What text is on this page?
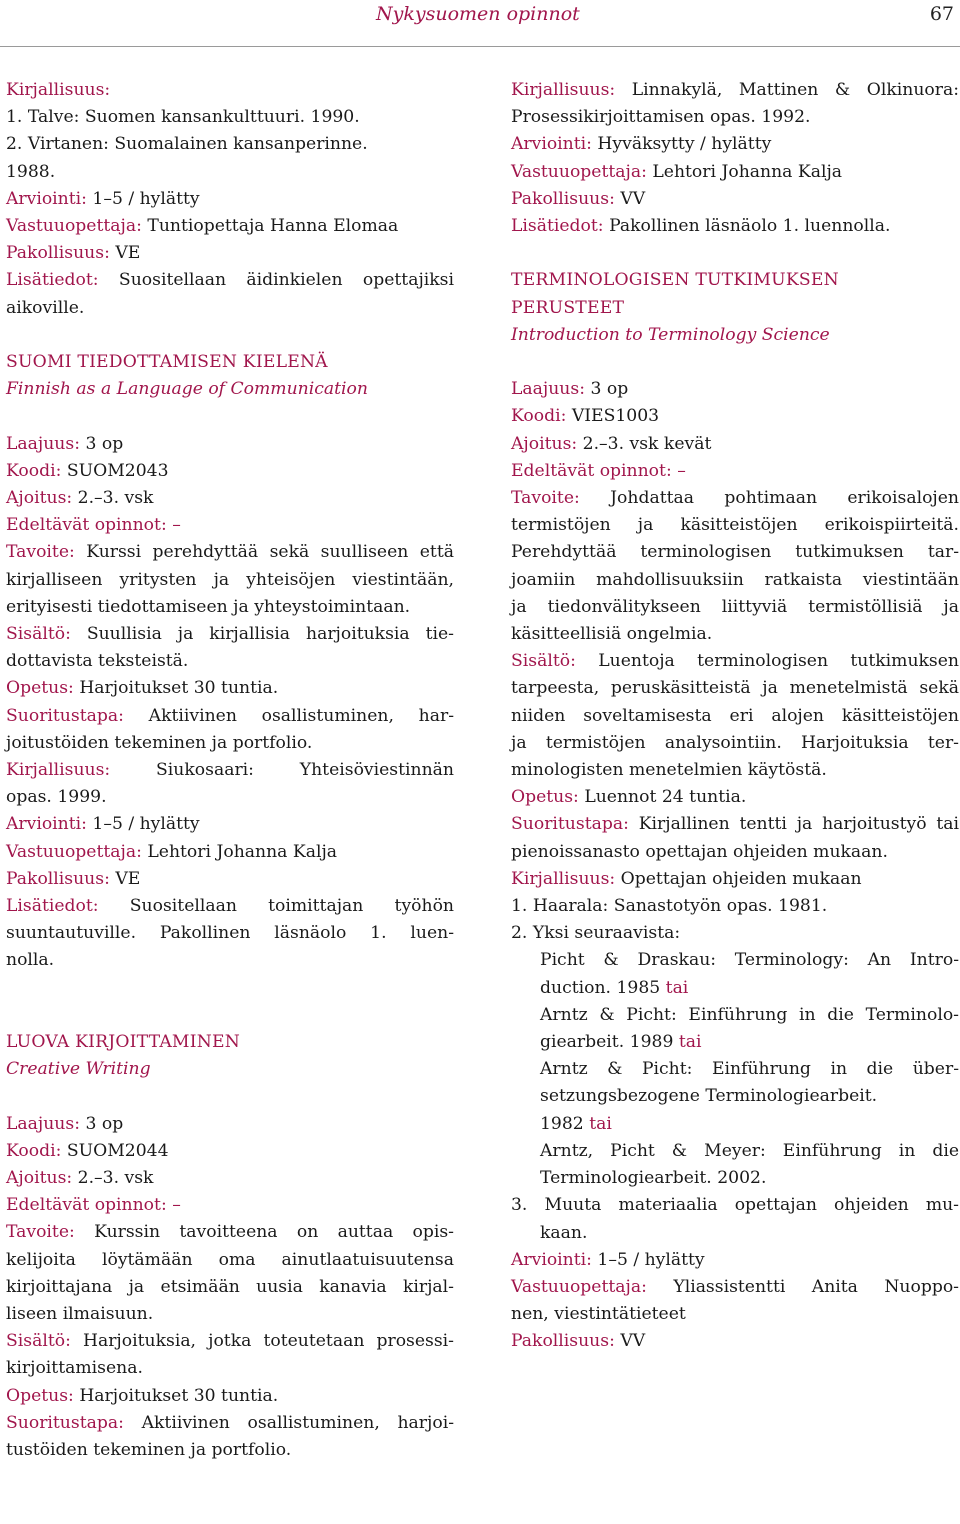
Nykysuomen opinnot	67
Kirjallisuus:
1. Talve: Suomen kansankulttuuri. 1990.
2. Virtanen: Suomalainen kansanperinne.
1988.
Arviointi: 1–5 / hylätty
Vastuuopettaja: Tuntiopettaja Hanna Elomaa
Pakollisuus: VE
Lisätiedot: Suositellaan äidinkielen opettajiksi
aikoville.
SUOMI TIEDOTTAMISEN KIELENÄ
Finnish as a Language of Communication
Laajuus: 3 op
Koodi: SUOM2043
Ajoitus: 2.–3. vsk
Edeltävät opinnot: –
Tavoite: Kurssi perehdyttää sekä suulliseen että
kirjalliseen yritysten ja yhteisöjen viestintään,
erityisesti tiedottamiseen ja yhteystoimintaan.
Sisältö: Suullisia ja kirjallisia harjoituksia tie-
dottavista teksteistä.
Opetus: Harjoitukset 30 tuntia.
Suoritustapa: Aktiivinen osallistuminen, har-
joitustöiden tekeminen ja portfolio.
Kirjallisuus: Siukosaari: Yhteisöviestinnän
opas. 1999.
Arviointi: 1–5 / hylätty
Vastuuopettaja: Lehtori Johanna Kalja
Pakollisuus: VE
Lisätiedot: Suositellaan toimittajan työhön
suuntautuville. Pakollinen läsnäolo 1. luen-
nolla.
LUOVA KIRJOITTAMINEN
Creative Writing
Laajuus: 3 op
Koodi: SUOM2044
Ajoitus: 2.–3. vsk
Edeltävät opinnot: –
Tavoite: Kurssin tavoitteena on auttaa opis-
kelijoita löytämään oma ainutlaatuisuutensa
kirjoittajana ja etsimään uusia kanavia kirjal-
liseen ilmaisuun.
Sisältö: Harjoituksia, jotka toteutetaan prosessi-
kirjoittamisena.
Opetus: Harjoitukset 30 tuntia.
Suoritustapa: Aktiivinen osallistuminen, harjoi-
tustöiden tekeminen ja portfolio.
Kirjallisuus: Linnakylä, Mattinen & Olkinuora:
Prosessikirjoittamisen opas. 1992.
Arviointi: Hyväksytty / hylätty
Vastuuopettaja: Lehtori Johanna Kalja
Pakollisuus: VV
Lisätiedot: Pakollinen läsnäolo 1. luennolla.
TERMINOLOGISEN TUTKIMUKSEN
PERUSTEET
Introduction to Terminology Science
Laajuus: 3 op
Koodi: VIES1003
Ajoitus: 2.–3. vsk kevät
Edeltävät opinnot: –
Tavoite: Johdattaa pohtimaan erikoisalojen
termistöjen ja käsitteistöjen erikoispiirteitä.
Perehdyttää terminologisen tutkimuksen tar-
joamiin mahdollisuuksiin ratkaista viestintään
ja tiedonvälitykseen liittyviä termistöllisiä ja
käsitteellisiä ongelmia.
Sisältö: Luentoja terminologisen tutkimuksen
tarpeesta, peruskäsitteistä ja menetelmistä sekä
niiden soveltamisesta eri alojen käsitteistöjen
ja termistöjen analysointiin. Harjoituksia ter-
minologisten menetelmien käytöstä.
Opetus: Luennot 24 tuntia.
Suoritustapa: Kirjallinen tentti ja harjoitustyö tai
pienoissanasto opettajan ohjeiden mukaan.
Kirjallisuus: Opettajan ohjeiden mukaan
1. Haarala: Sanastotyön opas. 1981.
2. Yksi seuraavista:
Picht & Draskau: Terminology: An Intro-
duction. 1985 tai
Arntz & Picht: Einführung in die Terminolo-
giearbeit. 1989 tai
Arntz & Picht: Einführung in die über-
setzungsbezogene Terminologiearbeit.
1982 tai
Arntz, Picht & Meyer: Einführung in die
Terminologiearbeit. 2002.
3. Muuta materiaalia opettajan ohjeiden mu-
kaan.
Arviointi: 1–5 / hylätty
Vastuuopettaja: Yliassistentti Anita Nuoppo-
nen, viestintätieteet
Pakollisuus: VV
